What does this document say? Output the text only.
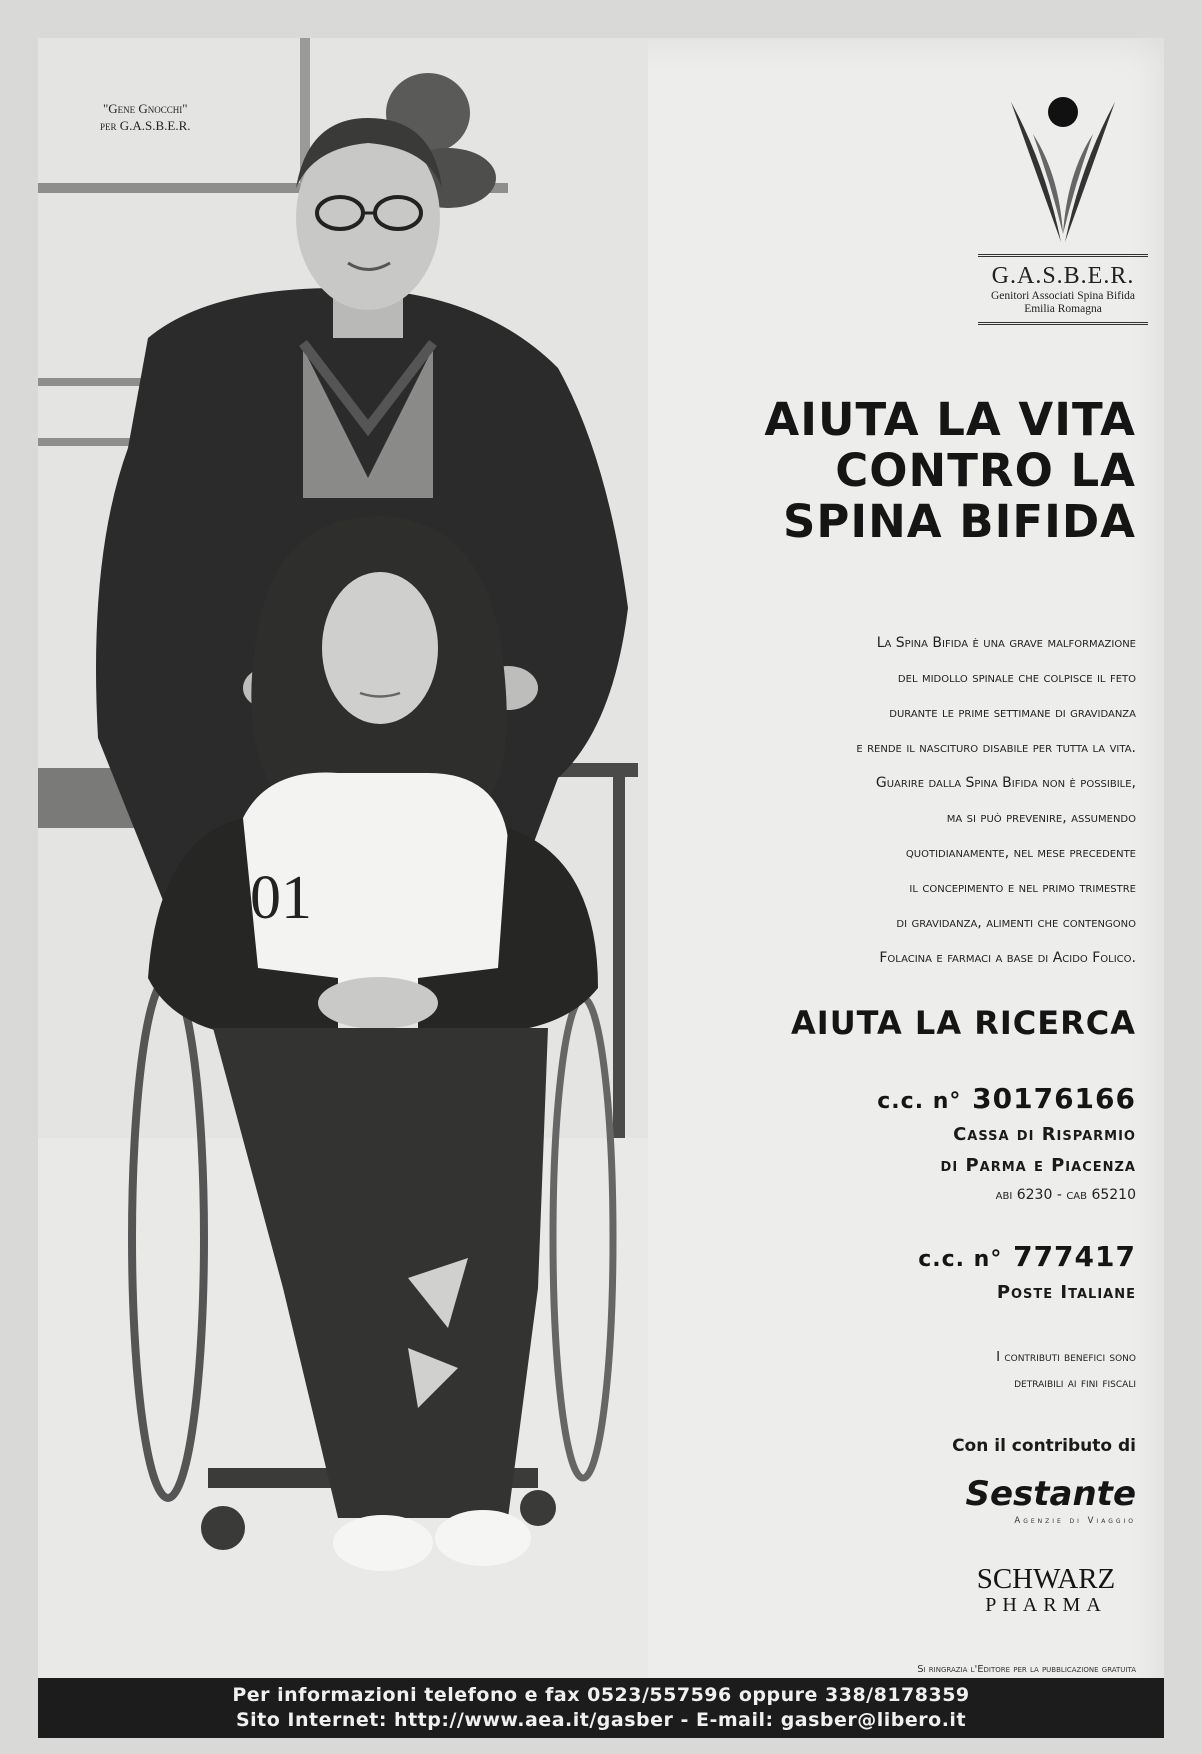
01
"Gene Gnocchi"
per G.A.S.B.E.R.
G.A.S.B.E.R.
Genitori Associati Spina Bifida
Emilia Romagna
AIUTA LA VITA
CONTRO LA
SPINA BIFIDA
La Spina Bifida è una grave malformazione
del midollo spinale che colpisce il feto
durante le prime settimane di gravidanza
e rende il nascituro disabile per tutta la vita.
Guarire dalla Spina Bifida non è possibile,
ma si può prevenire, assumendo
quotidianamente, nel mese precedente
il concepimento e nel primo trimestre
di gravidanza, alimenti che contengono
Folacina e farmaci a base di Acido Folico.
AIUTA LA RICERCA
c.c. n° 30176166
Cassa di Risparmio
di Parma e Piacenza
abi 6230 - cab 65210
c.c. n° 777417
Poste Italiane
I contributi benefici sono
detraibili ai fini fiscali
Con il contributo di
Sestante
Agenzie di Viaggio
SCHWARZ
PHARMA
Si ringrazia l'Editore per la pubblicazione gratuita
Per informazioni telefono e fax 0523/557596 oppure 338/8178359
Sito Internet: http://www.aea.it/gasber - E-mail: gasber@libero.it
